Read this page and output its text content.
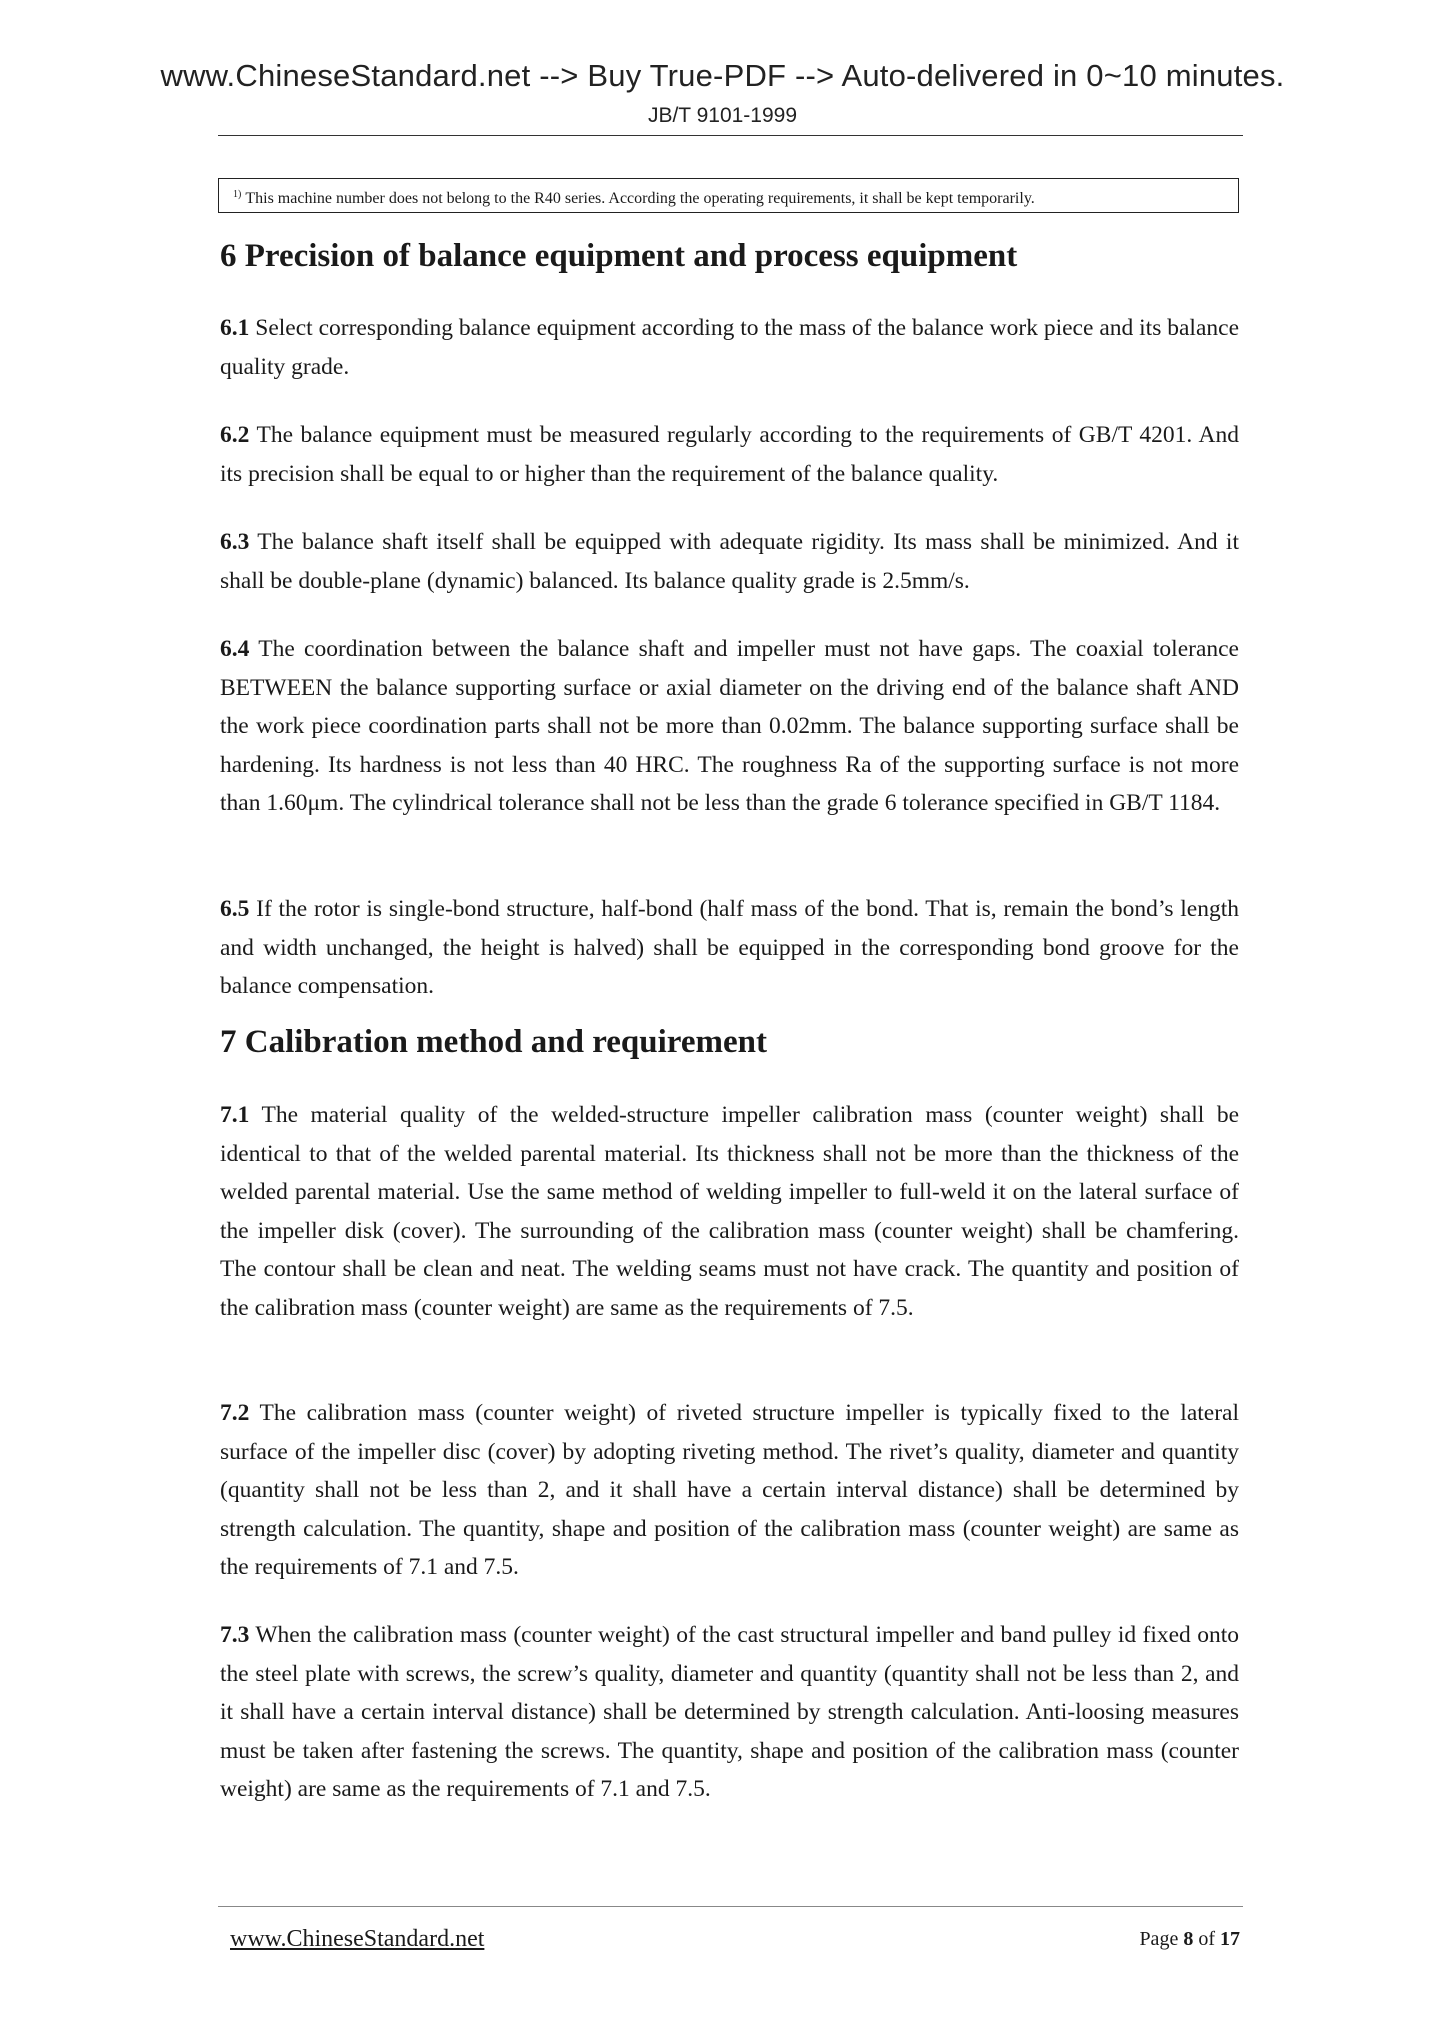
www.ChineseStandard.net --> Buy True-PDF --> Auto-delivered in 0~10 minutes.
JB/T 9101-1999
$^{1)}$ This machine number does not belong to the R40 series. According the operating requirements, it shall be kept temporarily.
6 Precision of balance equipment and process equipment

6.1 Select corresponding balance equipment according to the mass of the balance work piece and its balance quality grade.

6.2 The balance equipment must be measured regularly according to the requirements of GB/T 4201. And its precision shall be equal to or higher than the requirement of the balance quality.

6.3 The balance shaft itself shall be equipped with adequate rigidity. Its mass shall be minimized. And it shall be double-plane (dynamic) balanced. Its balance quality grade is 2.5mm/s.

6.4 The coordination between the balance shaft and impeller must not have gaps. The coaxial tolerance BETWEEN the balance supporting surface or axial diameter on the driving end of the balance shaft AND the work piece coordination parts shall not be more than 0.02mm. The balance supporting surface shall be hardening. Its hardness is not less than 40 HRC. The roughness Ra of the supporting surface is not more than 1.60μm. The cylindrical tolerance shall not be less than the grade 6 tolerance specified in GB/T 1184.

6.5 If the rotor is single-bond structure, half-bond (half mass of the bond. That is, remain the bond’s length and width unchanged, the height is halved) shall be equipped in the corresponding bond groove for the balance compensation.

7 Calibration method and requirement

7.1 The material quality of the welded-structure impeller calibration mass (counter weight) shall be identical to that of the welded parental material. Its thickness shall not be more than the thickness of the welded parental material. Use the same method of welding impeller to full-weld it on the lateral surface of the impeller disk (cover). The surrounding of the calibration mass (counter weight) shall be chamfering. The contour shall be clean and neat. The welding seams must not have crack. The quantity and position of the calibration mass (counter weight) are same as the requirements of 7.5.

7.2 The calibration mass (counter weight) of riveted structure impeller is typically fixed to the lateral surface of the impeller disc (cover) by adopting riveting method. The rivet’s quality, diameter and quantity (quantity shall not be less than 2, and it shall have a certain interval distance) shall be determined by strength calculation. The quantity, shape and position of the calibration mass (counter weight) are same as the requirements of 7.1 and 7.5.

7.3 When the calibration mass (counter weight) of the cast structural impeller and band pulley id fixed onto the steel plate with screws, the screw’s quality, diameter and quantity (quantity shall not be less than 2, and it shall have a certain interval distance) shall be determined by strength calculation. Anti-loosing measures must be taken after fastening the screws. The quantity, shape and position of the calibration mass (counter weight) are same as the requirements of 7.1 and 7.5.

www.ChineseStandard.net	Page 8 of 17
